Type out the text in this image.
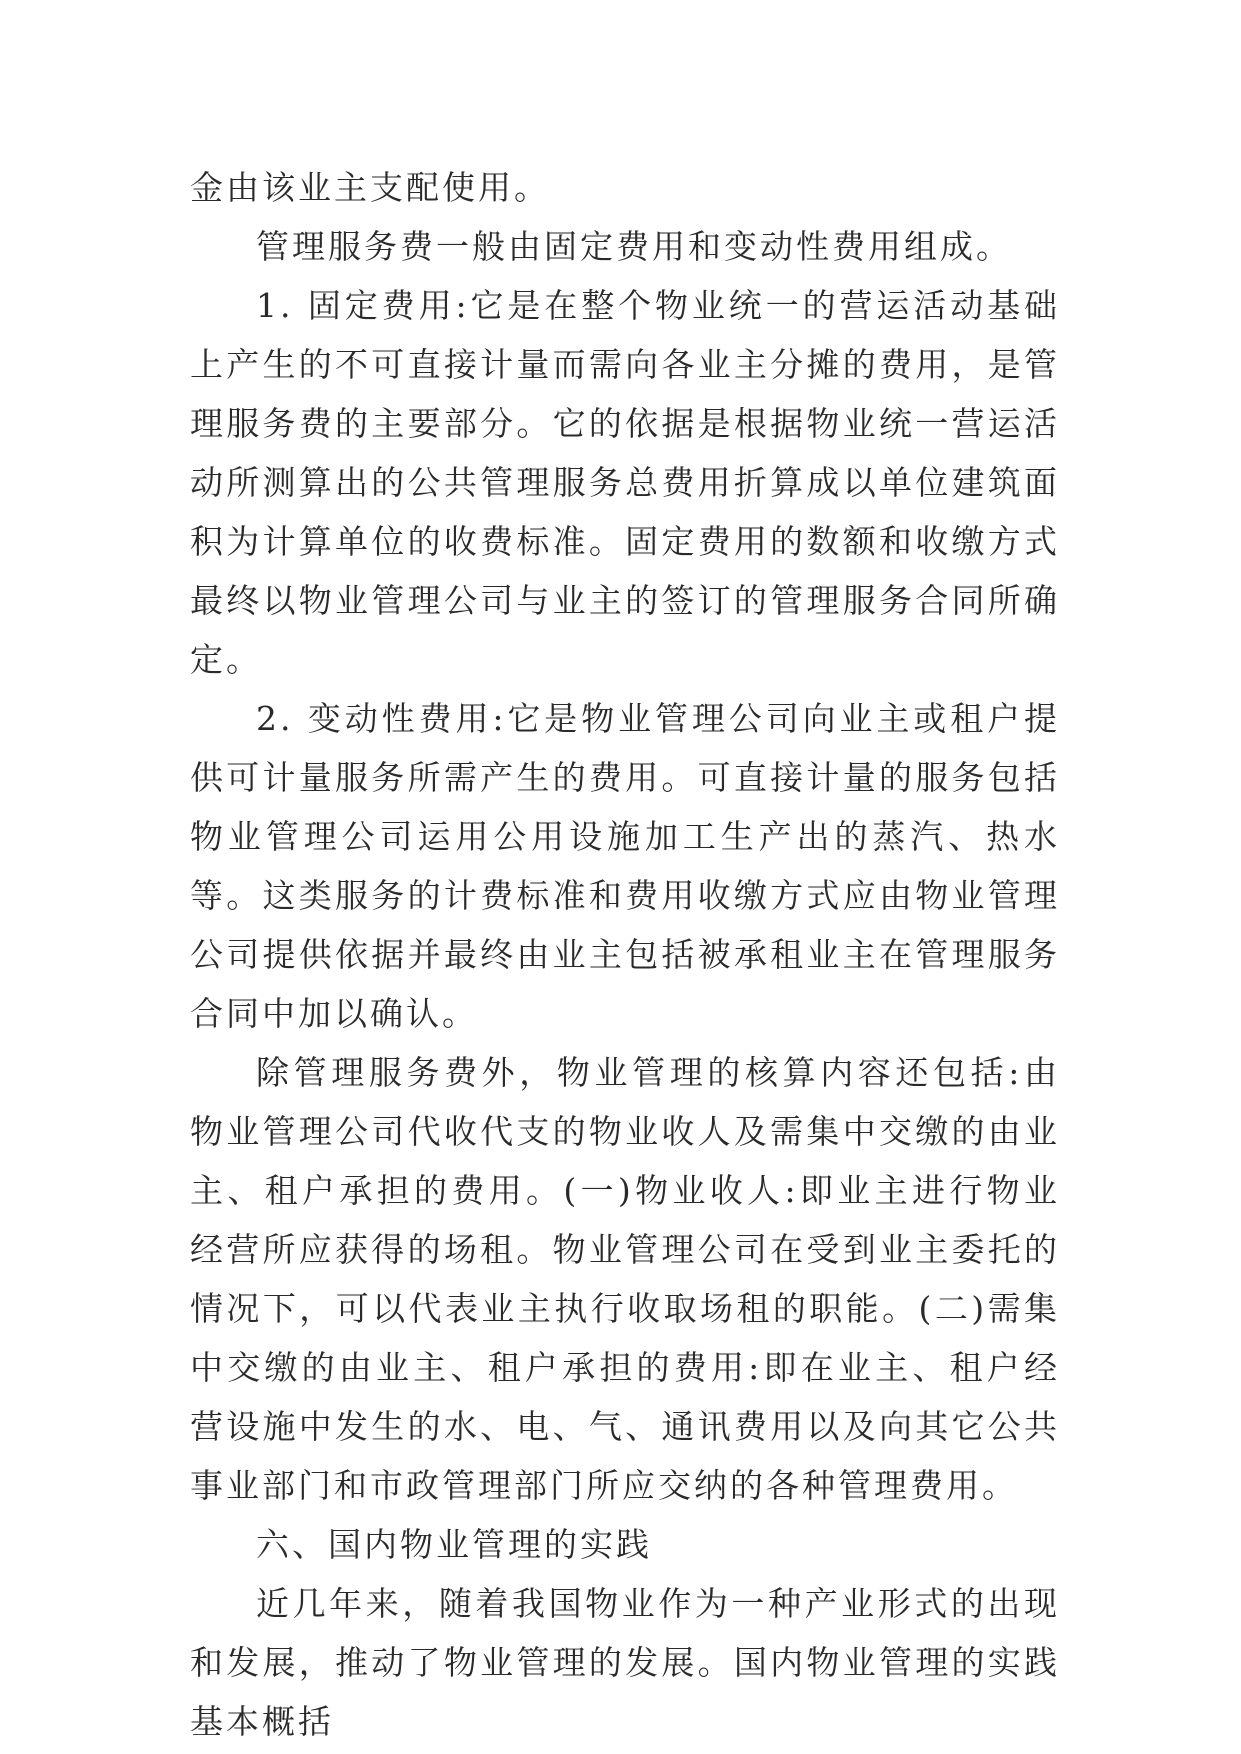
金由该业主支配使用。

管理服务费一般由固定费用和变动性费用组成。

1. 固定费用:它是在整个物业统一的营运活动基础上产生的不可直接计量而需向各业主分摊的费用，是管理服务费的主要部分。它的依据是根据物业统一营运活动所测算出的公共管理服务总费用折算成以单位建筑面积为计算单位的收费标准。固定费用的数额和收缴方式最终以物业管理公司与业主的签订的管理服务合同所确定。

2. 变动性费用:它是物业管理公司向业主或租户提供可计量服务所需产生的费用。可直接计量的服务包括物业管理公司运用公用设施加工生产出的蒸汽、热水等。这类服务的计费标准和费用收缴方式应由物业管理公司提供依据并最终由业主包括被承租业主在管理服务合同中加以确认。

除管理服务费外，物业管理的核算内容还包括:由物业管理公司代收代支的物业收人及需集中交缴的由业主、租户承担的费用。(一)物业收人:即业主进行物业经营所应获得的场租。物业管理公司在受到业主委托的情况下，可以代表业主执行收取场租的职能。(二)需集中交缴的由业主、租户承担的费用:即在业主、租户经营设施中发生的水、电、气、通讯费用以及向其它公共事业部门和市政管理部门所应交纳的各种管理费用。

六、国内物业管理的实践

近几年来，随着我国物业作为一种产业形式的出现和发展，推动了物业管理的发展。国内物业管理的实践基本概括
